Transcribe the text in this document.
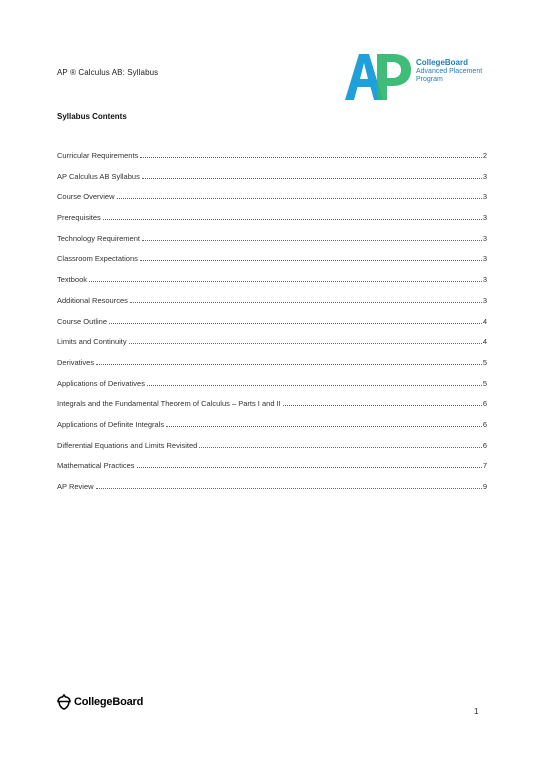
AP ® Calculus AB: Syllabus
CollegeBoard
Advanced Placement
Program
Syllabus Contents
Curricular Requirements	2
AP Calculus AB Syllabus	3
Course Overview	3
Prerequisites	3
Technology Requirement	3
Classroom Expectations	3
Textbook	3
Additional Resources	3
Course Outline	4
Limits and Continuity	4
Derivatives	5
Applications of Derivatives	5
Integrals and the Fundamental Theorem of Calculus – Parts I and II	6
Applications of Definite Integrals	6
Differential Equations and Limits Revisited	6
Mathematical Practices	7
AP Review	9
CollegeBoard
1
